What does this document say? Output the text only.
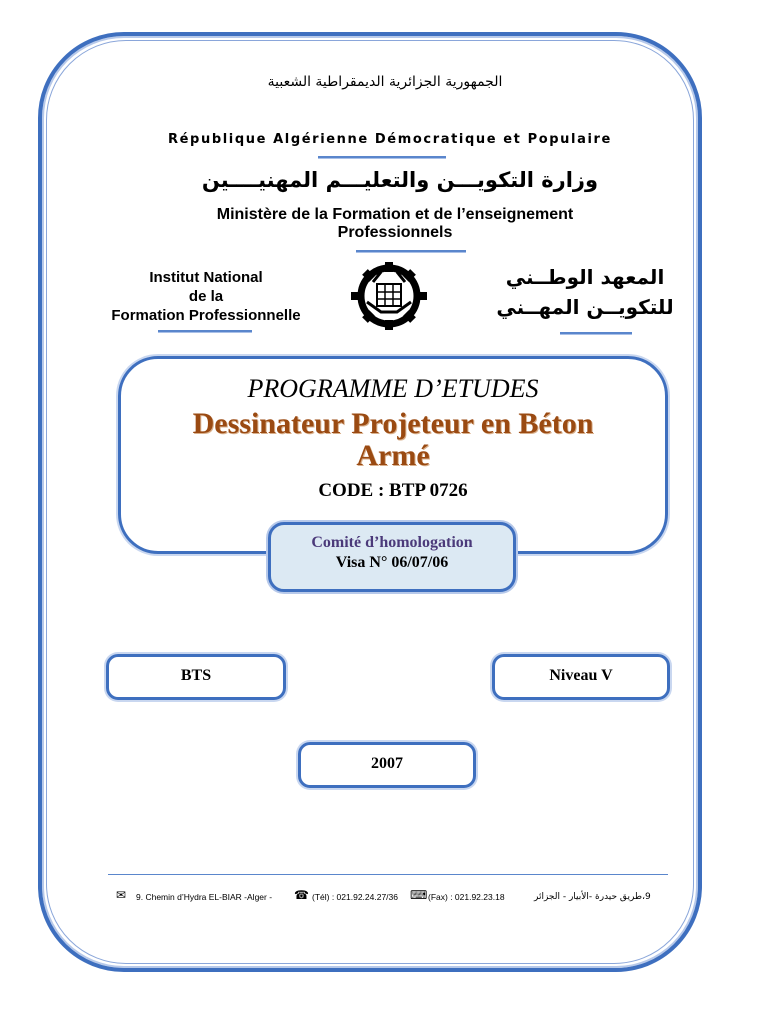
الجمهورية الجزائرية الديمقراطية الشعبية
République Algérienne Démocratique et Populaire
وزارة التكويـــن والتعليـــم المهنيــــين
Ministère de la Formation et de l’enseignement
Professionnels
Institut National
de la
Formation Professionnelle
المعهد الوطــني
للتكويــن المهــني
PROGRAMME D’ETUDES
Dessinateur Projeteur en Béton
Armé
CODE : BTP 0726
Comité d’homologation
Visa N° 06/07/06
BTS	Niveau V
2007
✉ 9. Chemin d’Hydra EL-BIAR -Alger - ☎ (Tél) : 021.92.24.27/36 ⌨ (Fax) : 021.92.23.18	9،طريق حيدرة -الأبيار - الجزائر
